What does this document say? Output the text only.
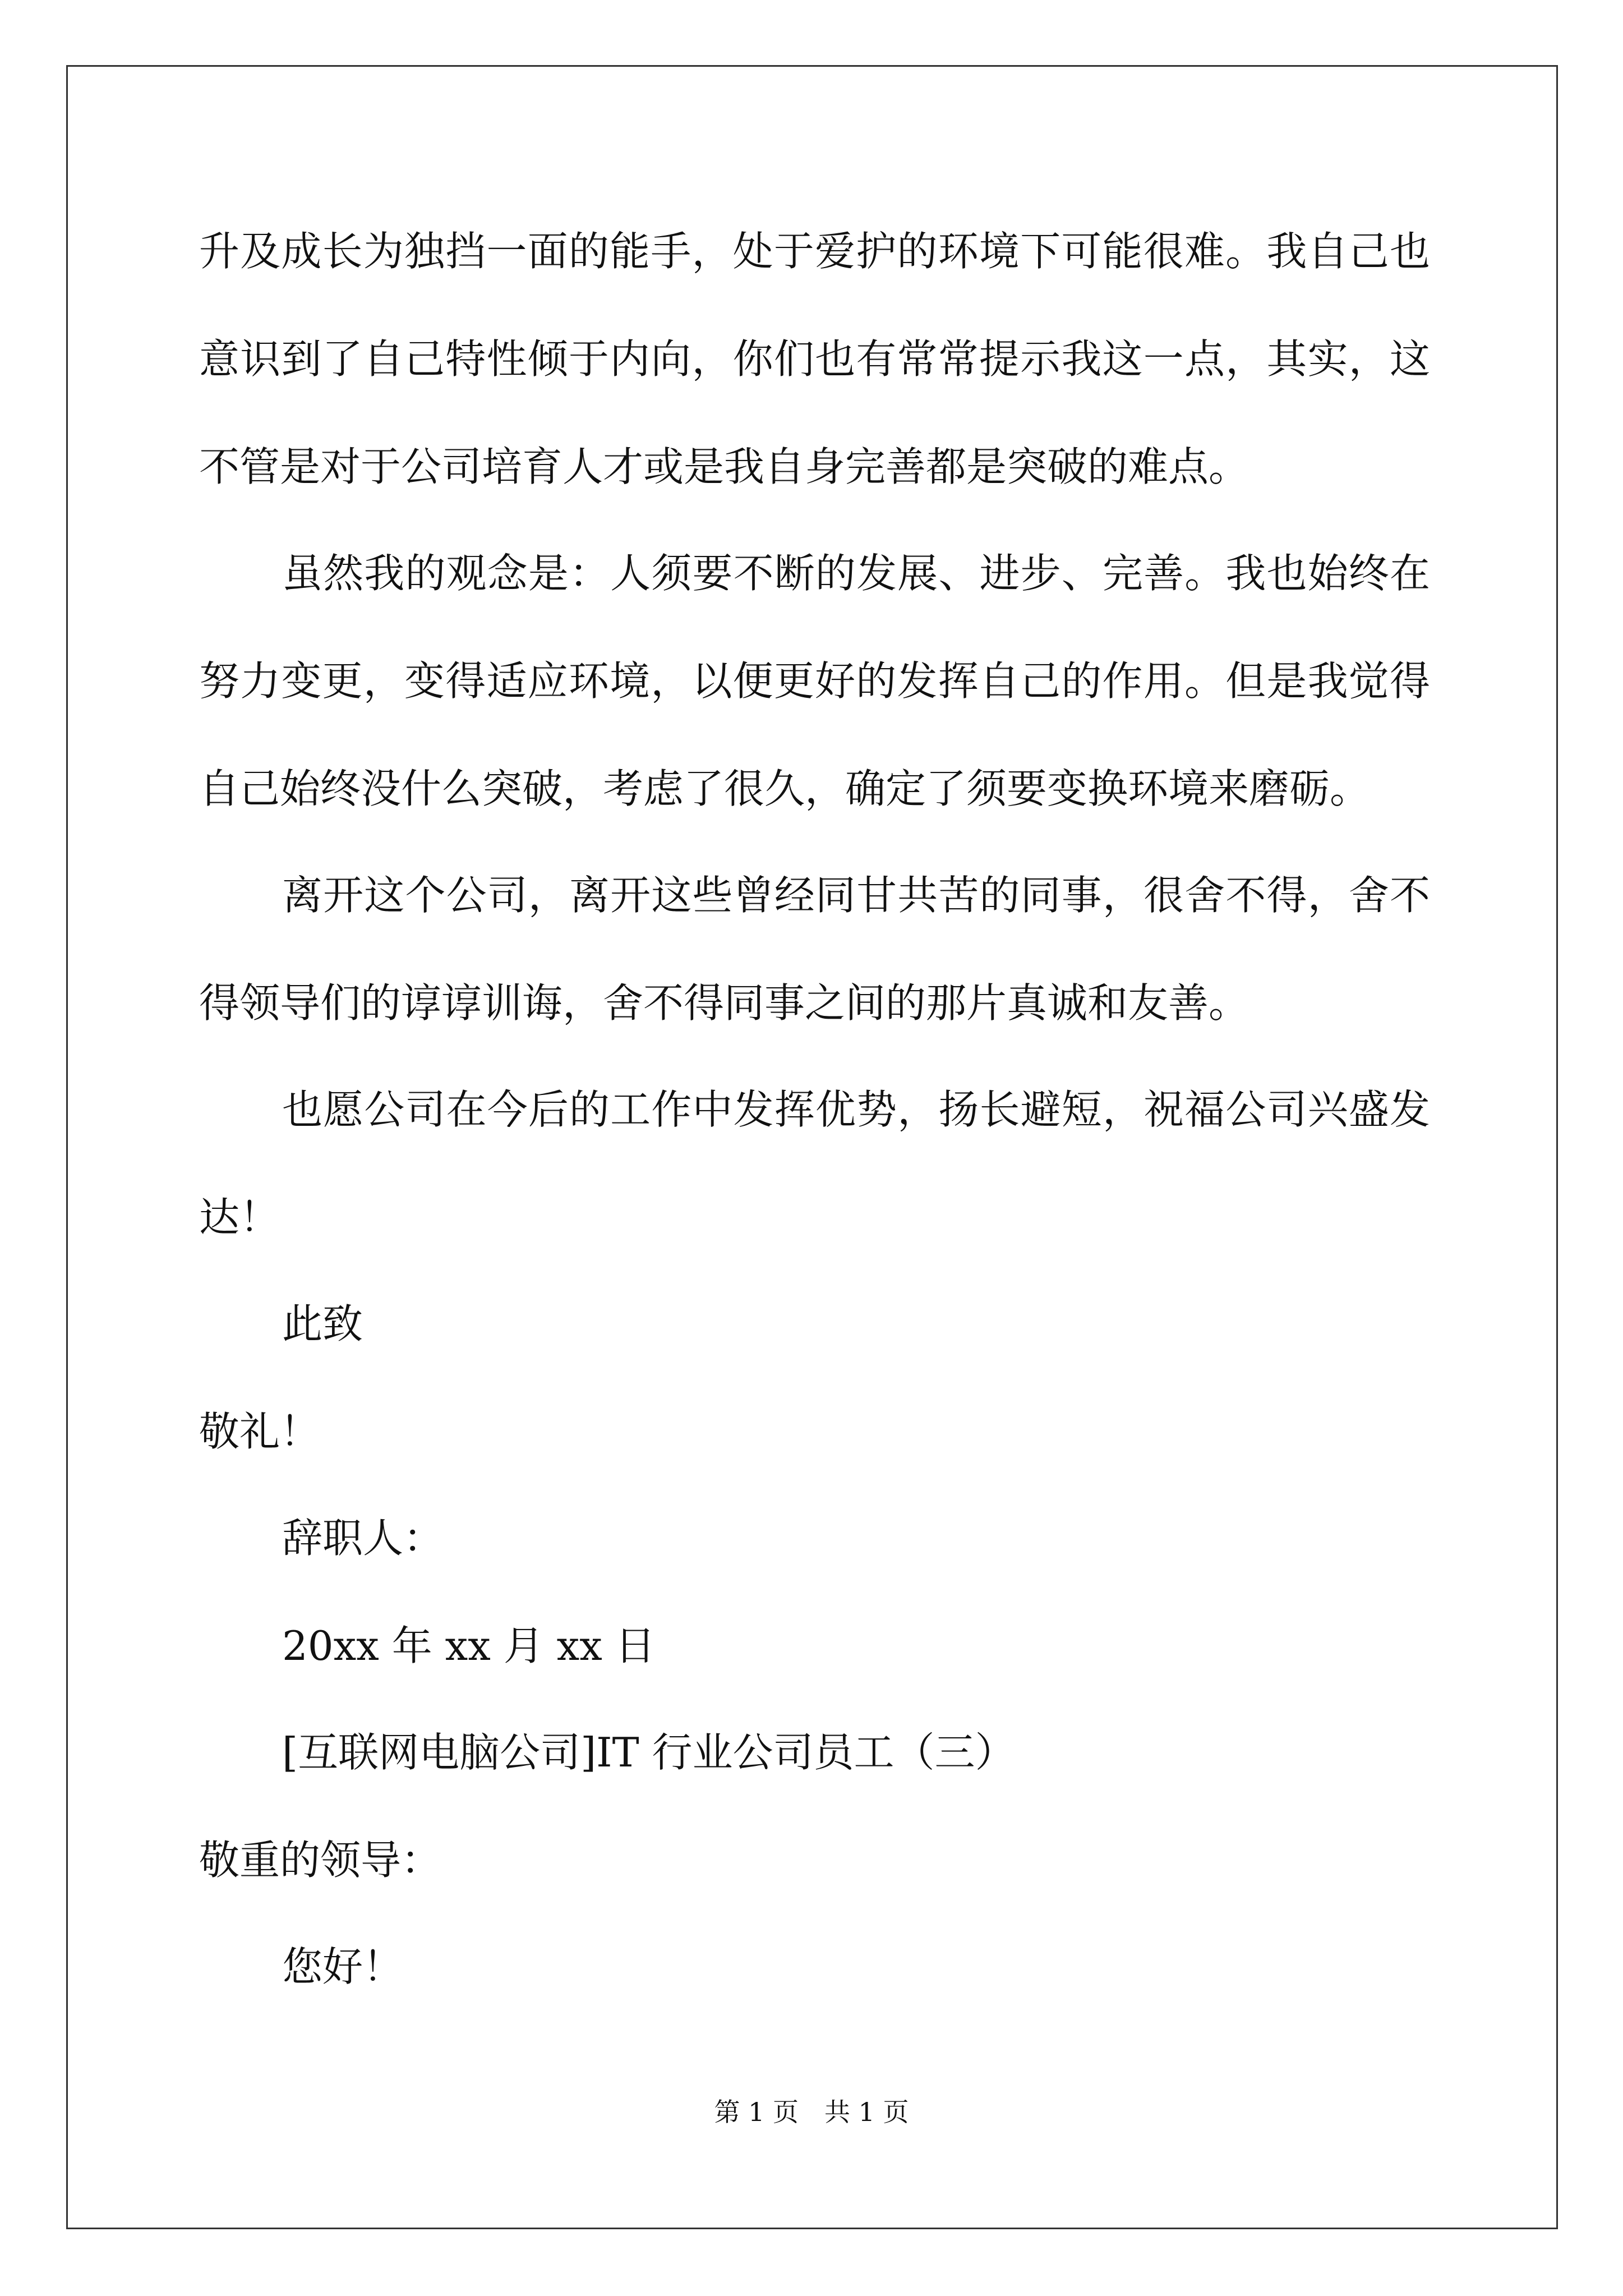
升及成长为独挡一面的能手，处于爱护的环境下可能很难。我自己也
意识到了自己特性倾于内向，你们也有常常提示我这一点，其实，这
不管是对于公司培育人才或是我自身完善都是突破的难点。
虽然我的观念是：人须要不断的发展、进步、完善。我也始终在
努力变更，变得适应环境，以便更好的发挥自己的作用。但是我觉得
自己始终没什么突破，考虑了很久，确定了须要变换环境来磨砺。
离开这个公司，离开这些曾经同甘共苦的同事，很舍不得，舍不
得领导们的谆谆训诲，舍不得同事之间的那片真诚和友善。
也愿公司在今后的工作中发挥优势，扬长避短，祝福公司兴盛发
达！
此致
敬礼！
辞职人：
20xx 年 xx 月 xx 日
[互联网电脑公司]IT 行业公司员工（三）
敬重的领导：
您好！
第 1 页　共 1 页
